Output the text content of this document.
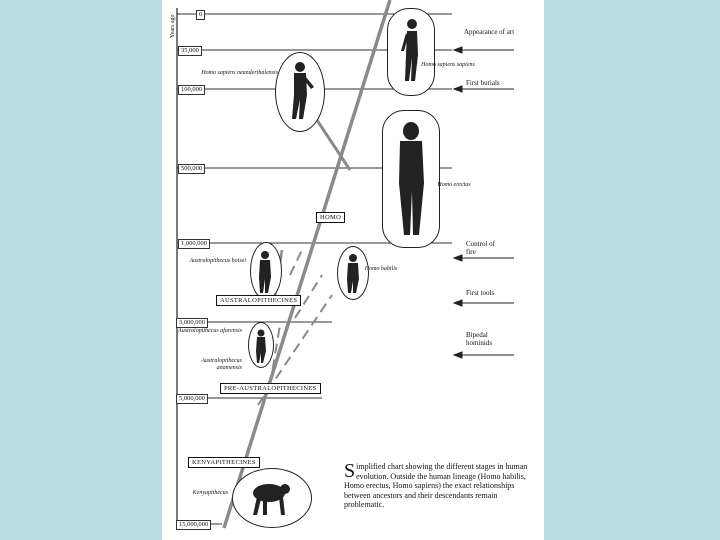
Years ago	0
35,000
100,000
500,000
1,000,000
3,000,000
5,000,000
15,000,000
Appearance of art
First burials
Control of fire
First tools
Bipedal hominids
Homo sapiens sapiens
Homo sapiens neanderthalensis
Homo erectus
Homo habilis
Australopithecus boisei
Australopithecus afarensis
Australopithecus anamensis
Kenyapithecus
HOMO
AUSTRALOPITHECINES
PRE-AUSTRALOPITHECINES
KENYAPITHECINES	Simplified chart showing the different stages in human evolution. Outside the human lineage (Homo habilis, Homo erectus, Homo sapiens) the exact relationships between ancestors and their descendants remain problematic.
